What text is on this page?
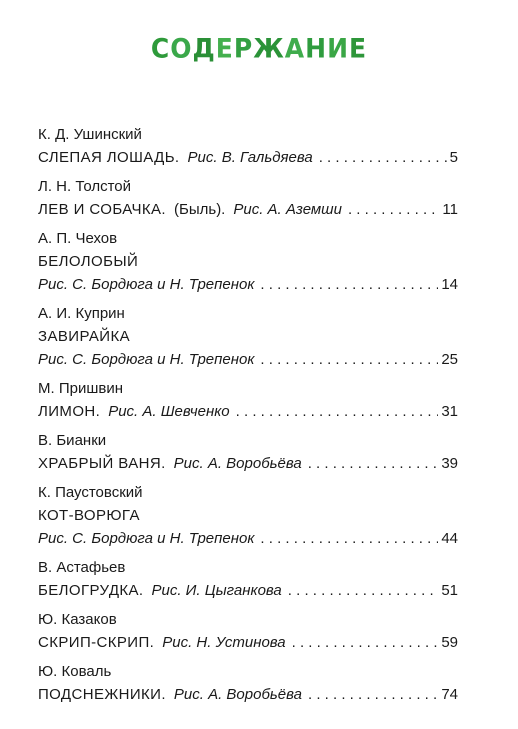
СОДЕРЖАНИЕ
К. Д. Ушинский
СЛЕПАЯ ЛОШАДЬ. Рис. В. Гальдяева . . .	5
Л. Н. Толстой
ЛЕВ И СОБАЧКА. (Быль). Рис. А. Аземши . . .	11
А. П. Чехов
БЕЛОЛОБЫЙ
Рис. С. Бордюга и Н. Трепенок . . .	14
А. И. Куприн
ЗАВИРАЙКА
Рис. С. Бордюга и Н. Трепенок . . .	25
М. Пришвин
ЛИМОН. Рис. А. Шевченко . . .	31
В. Бианки
ХРАБРЫЙ ВАНЯ. Рис. А. Воробьёва . . .	39
К. Паустовский
КОТ-ВОРЮГА
Рис. С. Бордюга и Н. Трепенок . . .	44
В. Астафьев
БЕЛОГРУДКА. Рис. И. Цыганкова . . .	51
Ю. Казаков
СКРИП-СКРИП. Рис. Н. Устинова . . .	59
Ю. Коваль
ПОДСНЕЖНИКИ. Рис. А. Воробьёва . . .	74
